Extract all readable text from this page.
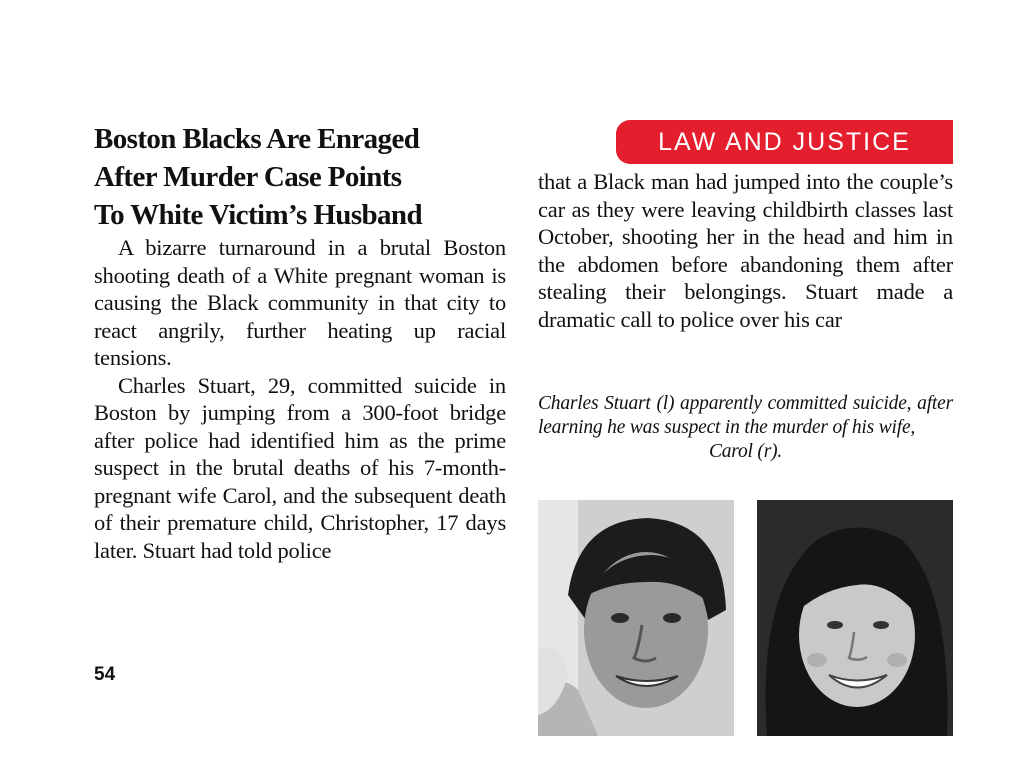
Boston Blacks Are Enraged
After Murder Case Points
To White Victim’s Husband

A bizarre turnaround in a brutal Boston shooting death of a White pregnant woman is causing the Black community in that city to react angrily, further heating up racial tensions.

Charles Stuart, 29, committed suicide in Boston by jumping from a 300-foot bridge after police had identified him as the prime suspect in the brutal deaths of his 7-month-pregnant wife Carol, and the subsequent death of their premature child, Christopher, 17 days later. Stuart had told police

54
LAW AND JUSTICE

that a Black man had jumped into the couple’s car as they were leaving childbirth classes last October, shooting her in the head and him in the abdomen before abandoning them after stealing their belongings. Stuart made a dramatic call to police over his car

Charles Stuart (l) apparently committed suicide, after learning he was suspect in the murder of his wife,
Carol (r).
